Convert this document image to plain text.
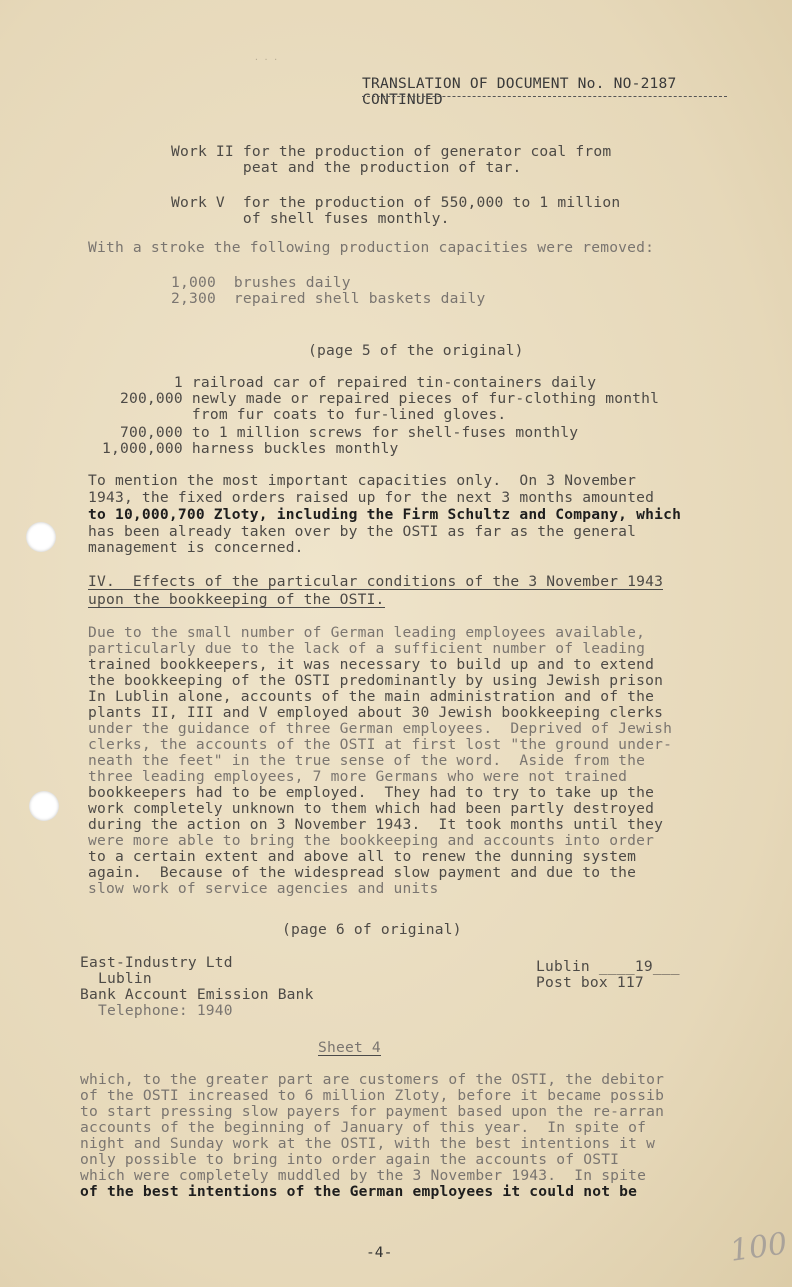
· · ·
TRANSLATION OF DOCUMENT No. NO-2187
CONTINUED
Work II for the production of generator coal from
peat and the production of tar.
Work V  for the production of 550,000 to 1 million
of shell fuses monthly.
With a stroke the following production capacities were removed:
1,000  brushes daily
2,300  repaired shell baskets daily
(page 5 of the original)
1 railroad car of repaired tin-containers daily
200,000 newly made or repaired pieces of fur-clothing monthl
from fur coats to fur-lined gloves.
700,000 to 1 million screws for shell-fuses monthly
1,000,000 harness buckles monthly
To mention the most important capacities only.  On 3 November
1943, the fixed orders raised up for the next 3 months amounted
to 10,000,700 Zloty, including the Firm Schultz and Company, which
has been already taken over by the OSTI as far as the general
management is concerned.
IV.  Effects of the particular conditions of the 3 November 1943
upon the bookkeeping of the OSTI.
Due to the small number of German leading employees available,
particularly due to the lack of a sufficient number of leading
trained bookkeepers, it was necessary to build up and to extend
the bookkeeping of the OSTI predominantly by using Jewish prison
In Lublin alone, accounts of the main administration and of the
plants II, III and V employed about 30 Jewish bookkeeping clerks
under the guidance of three German employees.  Deprived of Jewish
clerks, the accounts of the OSTI at first lost "the ground under-
neath the feet" in the true sense of the word.  Aside from the
three leading employees, 7 more Germans who were not trained
bookkeepers had to be employed.  They had to try to take up the
work completely unknown to them which had been partly destroyed
during the action on 3 November 1943.  It took months until they
were more able to bring the bookkeeping and accounts into order
to a certain extent and above all to renew the dunning system
again.  Because of the widespread slow payment and due to the
slow work of service agencies and units
(page 6 of original)
East-Industry Ltd
Lublin
Bank Account Emission Bank
Telephone: 1940
Lublin ____19___
Post box 117
Sheet 4
which, to the greater part are customers of the OSTI, the debitor
of the OSTI increased to 6 million Zloty, before it became possib
to start pressing slow payers for payment based upon the re-arran
accounts of the beginning of January of this year.  In spite of
night and Sunday work at the OSTI, with the best intentions it w
only possible to bring into order again the accounts of OSTI
which were completely muddled by the 3 November 1943.  In spite
of the best intentions of the German employees it could not be
-4-	100
